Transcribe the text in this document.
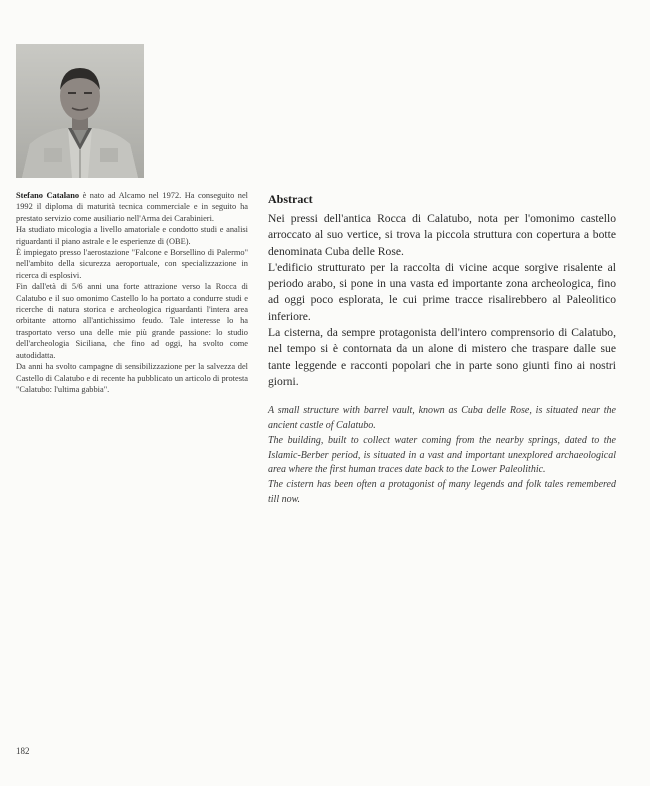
Stefano Catalano è nato ad Alcamo nel 1972. Ha conseguito nel 1992 il diploma di maturità tecnica commerciale e in seguito ha prestato servizio come ausiliario nell'Arma dei Carabinieri.

Ha studiato micologia a livello amatoriale e condotto studi e analisi riguardanti il piano astrale e le esperienze di (OBE).

È impiegato presso l'aerostazione "Falcone e Borsellino di Palermo" nell'ambito della sicurezza aeroportuale, con specializzazione in ricerca di esplosivi.

Fin dall'età di 5/6 anni una forte attrazione verso la Rocca di Calatubo e il suo omonimo Castello lo ha portato a condurre studi e ricerche di natura storica e archeologica riguardanti l'intera area orbitante attorno all'antichissimo feudo. Tale interesse lo ha trasportato verso una delle mie più grande passione: lo studio dell'archeologia Siciliana, che fino ad oggi, ha svolto come autodidatta.

Da anni ha svolto campagne di sensibilizzazione per la salvezza del Castello di Calatubo e di recente ha pubblicato un articolo di protesta "Calatubo: l'ultima gabbia".

Abstract

Nei pressi dell'antica Rocca di Calatubo, nota per l'omonimo castello arroccato al suo vertice, si trova la piccola struttura con copertura a botte denominata Cuba delle Rose.

L'edificio strutturato per la raccolta di vicine acque sorgive risalente al periodo arabo, si pone in una vasta ed importante zona archeologica, fino ad oggi poco esplorata, le cui prime tracce risalirebbero al Paleolitico inferiore.

La cisterna, da sempre protagonista dell'intero comprensorio di Calatubo, nel tempo si è contornata da un alone di mistero che traspare dalle sue tante leggende e racconti popolari che in parte sono giunti fino ai nostri giorni.

A small structure with barrel vault, known as Cuba delle Rose, is situated near the ancient castle of Calatubo.

The building, built to collect water coming from the nearby springs, dated to the Islamic-Berber period, is situated in a vast and important unexplored archaeological area where the first human traces date back to the Lower Paleolithic.

The cistern has been often a protagonist of many legends and folk tales remembered till now.

182
